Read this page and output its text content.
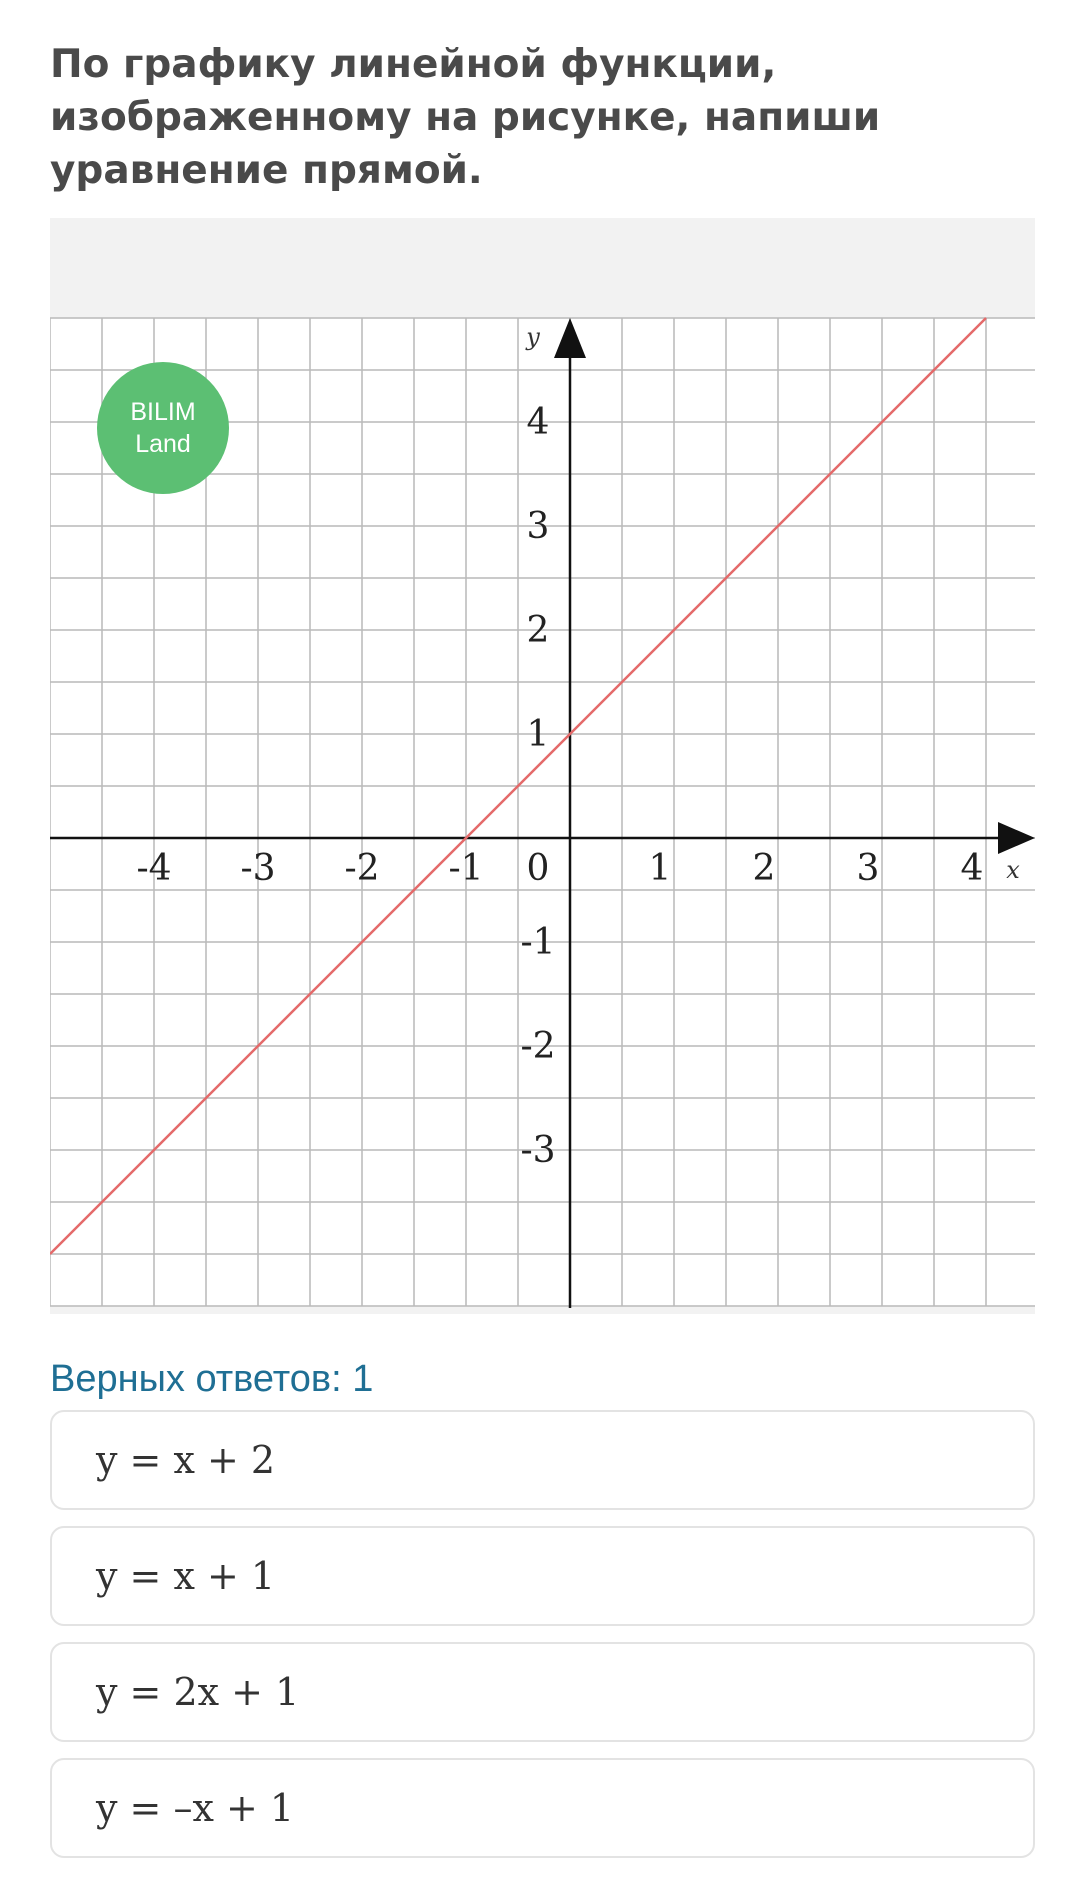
По графику линейной функции, изображенному на рисунке, напиши уравнение прямой.
-4 -3 -2 -1 0	1 2 3 4
-3
-2
-1
1
2
3
4
x
y
BILIM
Land
Верных ответов: 1
y = x + 2
y = x + 1
y = 2x + 1
y = –x + 1
